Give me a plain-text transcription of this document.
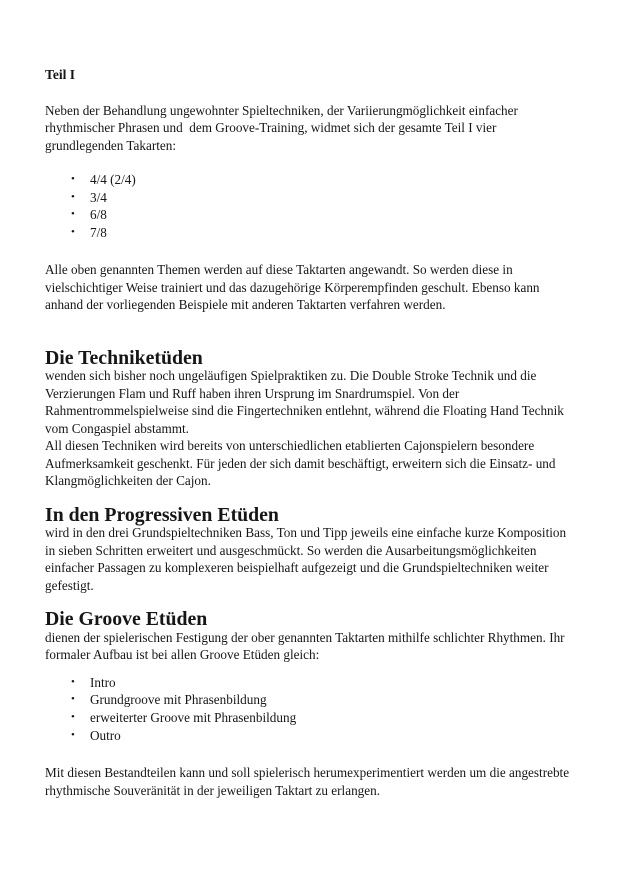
Teil I

Neben der Behandlung ungewohnter Spieltechniken, der Variierungmöglichkeit einfacher rhythmischer Phrasen und  dem Groove-Training, widmet sich der gesamte Teil I vier grundlegenden Takarten:

• 4/4 (2/4)
• 3/4
• 6/8
• 7/8

Alle oben genannten Themen werden auf diese Taktarten angewandt. So werden diese in vielschichtiger Weise trainiert und das dazugehörige Körperempfinden geschult. Ebenso kann anhand der vorliegenden Beispiele mit anderen Taktarten verfahren werden.

Die Techniketüden

wenden sich bisher noch ungeläufigen Spielpraktiken zu. Die Double Stroke Technik und die Verzierungen Flam und Ruff haben ihren Ursprung im Snardrumspiel. Von der Rahmentrommelspielweise sind die Fingertechniken entlehnt, während die Floating Hand Technik vom Congaspiel abstammt.

All diesen Techniken wird bereits von unterschiedlichen etablierten Cajonspielern besondere Aufmerksamkeit geschenkt. Für jeden der sich damit beschäftigt, erweitern sich die Einsatz- und Klangmöglichkeiten der Cajon.

In den Progressiven Etüden

wird in den drei Grundspieltechniken Bass, Ton und Tipp jeweils eine einfache kurze Komposition in sieben Schritten erweitert und ausgeschmückt. So werden die Ausarbeitungsmöglichkeiten einfacher Passagen zu komplexeren beispielhaft aufgezeigt und die Grundspieltechniken weiter gefestigt.

Die Groove Etüden

dienen der spielerischen Festigung der ober genannten Taktarten mithilfe schlichter Rhythmen. Ihr formaler Aufbau ist bei allen Groove Etüden gleich:

• Intro
• Grundgroove mit Phrasenbildung
• erweiterter Groove mit Phrasenbildung
• Outro

Mit diesen Bestandteilen kann und soll spielerisch herumexperimentiert werden um die angestrebte rhythmische Souveränität in der jeweiligen Taktart zu erlangen.
